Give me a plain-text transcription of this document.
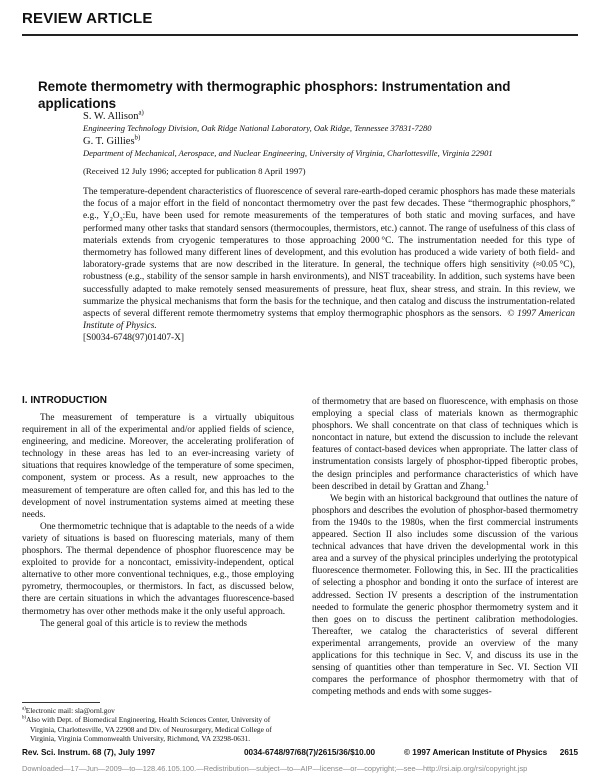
REVIEW ARTICLE
Remote thermometry with thermographic phosphors: Instrumentation and applications
S. W. Allison$^{a)}$
Engineering Technology Division, Oak Ridge National Laboratory, Oak Ridge, Tennessee 37831-7280
G. T. Gillies$^{b)}$
Department of Mechanical, Aerospace, and Nuclear Engineering, University of Virginia, Charlottesville, Virginia 22901
(Received 12 July 1996; accepted for publication 8 April 1997)

The temperature-dependent characteristics of fluorescence of several rare-earth-doped ceramic phosphors has made these materials the focus of a major effort in the field of noncontact thermometry over the past few decades. These “thermographic phosphors,” e.g., $Y_2O_3:Eu$, have been used for remote measurements of the temperatures of both static and moving surfaces, and have performed many other tasks that standard sensors (thermocouples, thermistors, etc.) cannot. The range of usefulness of this class of materials extends from cryogenic temperatures to those approaching 2000 °C. The instrumentation needed for this type of thermometry has followed many different lines of development, and this evolution has produced a wide variety of both field- and laboratory-grade systems that are now described in the literature. In general, the technique offers high sensitivity (≈0.05 °C), robustness (e.g., stability of the sensor sample in harsh environments), and NIST traceability. In addition, such systems have been successfully adapted to make remotely sensed measurements of pressure, heat flux, shear stress, and strain. In this review, we summarize the physical mechanisms that form the basis for the technique, and then catalog and discuss the instrumentation-related aspects of several different remote thermometry systems that employ thermographic phosphors as the sensors. © 1997 American Institute of Physics.
[S0034-6748(97)01407-X]

I. INTRODUCTION

The measurement of temperature is a virtually ubiquitous requirement in all of the experimental and/or applied fields of science, engineering, and medicine. Moreover, the accelerating proliferation of technology in these areas has led to an ever-increasing variety of situations that requires knowledge of the temperature of some specimen, component, system or process. As a result, new approaches to the measurement of temperature are often called for, and this has led to the development of novel instrumentation systems aimed at meeting these needs.

One thermometric technique that is adaptable to the needs of a wide variety of situations is based on fluorescing materials, many of them phosphors. The thermal dependence of phosphor fluorescence may be exploited to provide for a noncontact, emissivity-independent, optical alternative to other more conventional techniques, e.g., those employing pyrometry, thermocouples, or thermistors. In fact, as discussed below, there are certain situations in which the advantages fluorescence-based thermometry has over other methods make it the only useful approach.

The general goal of this article is to review the methods

of thermometry that are based on fluorescence, with emphasis on those employing a special class of materials known as thermographic phosphors. We shall concentrate on that class of techniques which is noncontact in nature, but extend the discussion to include the relevant features of contact-based devices when appropriate. The latter class of instrumentation consists largely of phosphor-tipped fiberoptic probes, the design principles and performance characteristics of which have been described in detail by Grattan and Zhang.$^1$

We begin with an historical background that outlines the nature of phosphors and describes the evolution of phosphor-based thermometry from the 1940s to the 1980s, when the first commercial instruments appeared. Section II also includes some discussion of the various technical advances that have driven the developmental work in this area and a survey of the physical principles underlying the prototypical fluorescence thermometer. Following this, in Sec. III the practicalities of selecting a phosphor and bonding it onto the surface of interest are addressed. Section IV presents a description of the instrumentation needed to formulate the generic phosphor thermometry system and it then goes on to discuss the pertinent calibration methodologies. Thereafter, we catalog the characteristics of several different experimental arrangements, provide an overview of the many applications for this technique in Sec. V, and discuss its use in the sensing of quantities other than temperature in Sec. VI. Section VII compares the performance of phosphor thermometry with that of competing methods and ends with some sugges-

$^{a)}$Electronic mail: sla@ornl.gov

$^{b)}$Also with Dept. of Biomedical Engineering, Health Sciences Center, University of Virginia, Charlottesville, VA 22908 and Div. of Neurosurgery, Medical College of Virginia, Virginia Commonwealth University, Richmond, VA 23298-0631.

Rev. Sci. Instrum. 68 (7), July 1997	0034-6748/97/68(7)/2615/36/$10.00	© 1997 American Institute of Physics 2615
Downloaded—17—Jun—2009—to—128.46.105.100.—Redistribution—subject—to—AIP—license—or—copyright;—see—http://rsi.aip.org/rsi/copyright.jsp
